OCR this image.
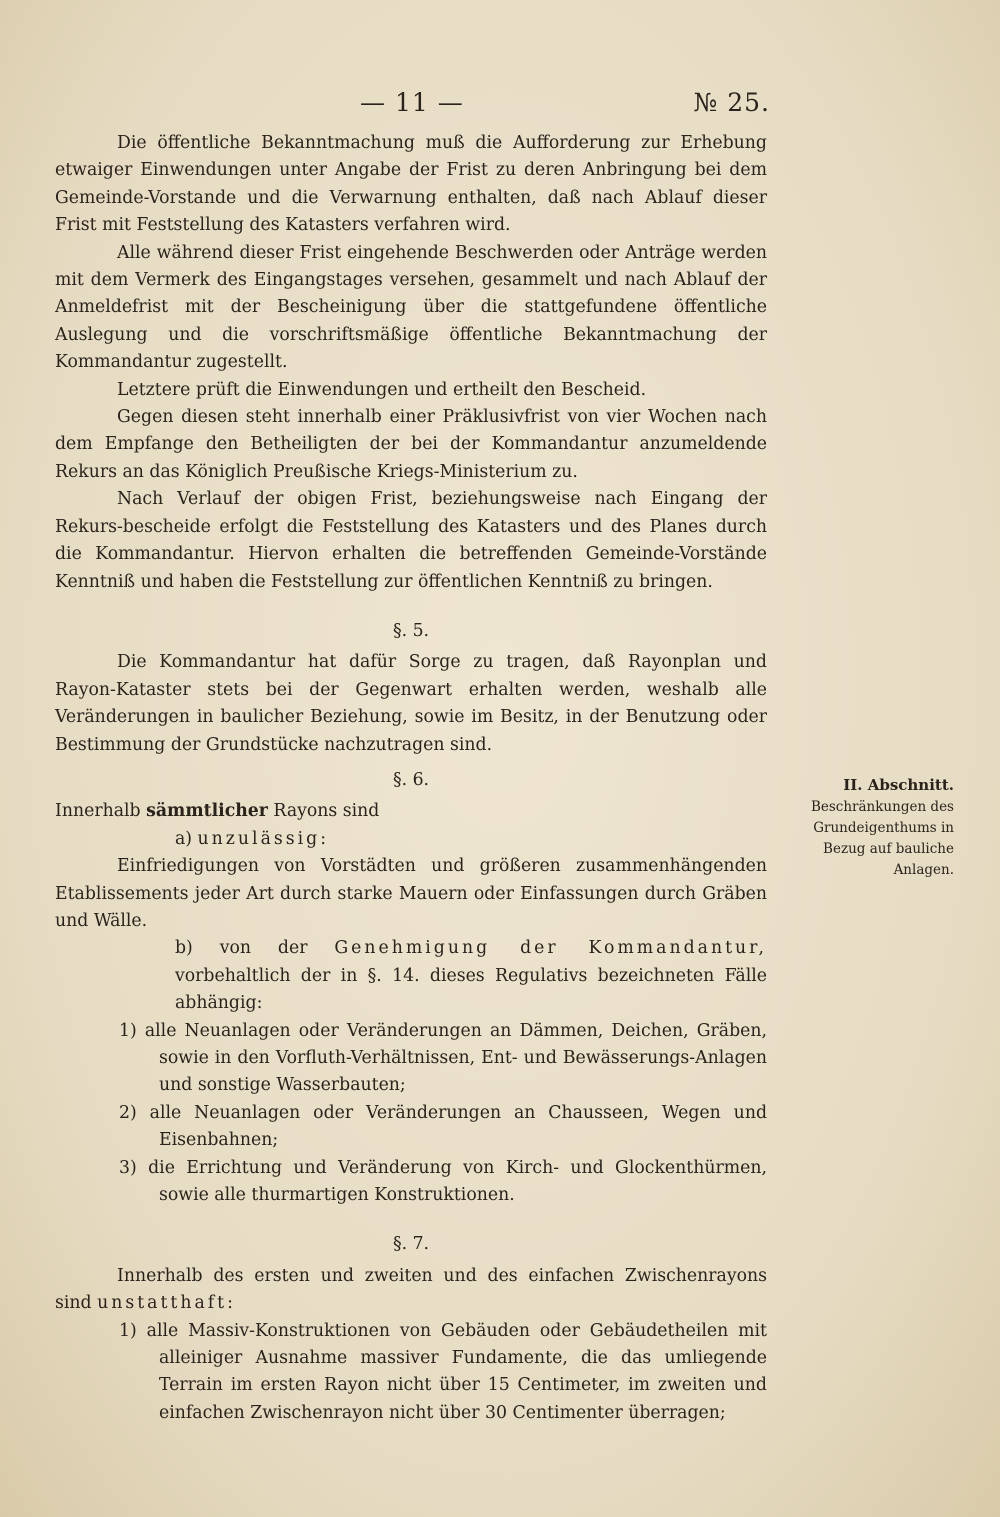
— 11 —	№ 25.

Die öffentliche Bekanntmachung muß die Aufforderung zur Erhebung etwaiger Einwendungen unter Angabe der Frist zu deren Anbringung bei dem Gemeinde-Vorstande und die Verwarnung enthalten, daß nach Ablauf dieser Frist mit Feststellung des Katasters verfahren wird.

Alle während dieser Frist eingehende Beschwerden oder Anträge werden mit dem Vermerk des Eingangstages versehen, gesammelt und nach Ablauf der Anmeldefrist mit der Bescheinigung über die stattgefundene öffentliche Auslegung und die vorschriftsmäßige öffentliche Bekanntmachung der Kommandantur zugestellt.

Letztere prüft die Einwendungen und ertheilt den Bescheid.

Gegen diesen steht innerhalb einer Präklusivfrist von vier Wochen nach dem Empfange den Betheiligten der bei der Kommandantur anzumeldende Rekurs an das Königlich Preußische Kriegs-Ministerium zu.

Nach Verlauf der obigen Frist, beziehungsweise nach Eingang der Rekurs-bescheide erfolgt die Feststellung des Katasters und des Planes durch die Kommandantur. Hiervon erhalten die betreffenden Gemeinde-Vorstände Kenntniß und haben die Feststellung zur öffentlichen Kenntniß zu bringen.

§. 5.

Die Kommandantur hat dafür Sorge zu tragen, daß Rayonplan und Rayon-Kataster stets bei der Gegenwart erhalten werden, weshalb alle Veränderungen in baulicher Beziehung, sowie im Besitz, in der Benutzung oder Bestimmung der Grundstücke nachzutragen sind.

§. 6.

Innerhalb sämmtlicher Rayons sind

a) unzulässig:

Einfriedigungen von Vorstädten und größeren zusammenhängenden Etablissements jeder Art durch starke Mauern oder Einfassungen durch Gräben und Wälle.

b) von der Genehmigung der Kommandantur, vorbehaltlich der in §. 14. dieses Regulativs bezeichneten Fälle abhängig:

1) alle Neuanlagen oder Veränderungen an Dämmen, Deichen, Gräben, sowie in den Vorfluth-Verhältnissen, Ent- und Bewässerungs-Anlagen und sonstige Wasserbauten;

2) alle Neuanlagen oder Veränderungen an Chausseen, Wegen und Eisenbahnen;

3) die Errichtung und Veränderung von Kirch- und Glockenthürmen, sowie alle thurmartigen Konstruktionen.

§. 7.

Innerhalb des ersten und zweiten und des einfachen Zwischenrayons sind unstatthaft:

1) alle Massiv-Konstruktionen von Gebäuden oder Gebäudetheilen mit alleiniger Ausnahme massiver Fundamente, die das umliegende Terrain im ersten Rayon nicht über 15 Centimeter, im zweiten und einfachen Zwischenrayon nicht über 30 Centimenter überragen;

II. Abschnitt.
Beschränkungen des Grundeigenthums in Bezug auf bauliche Anlagen.
